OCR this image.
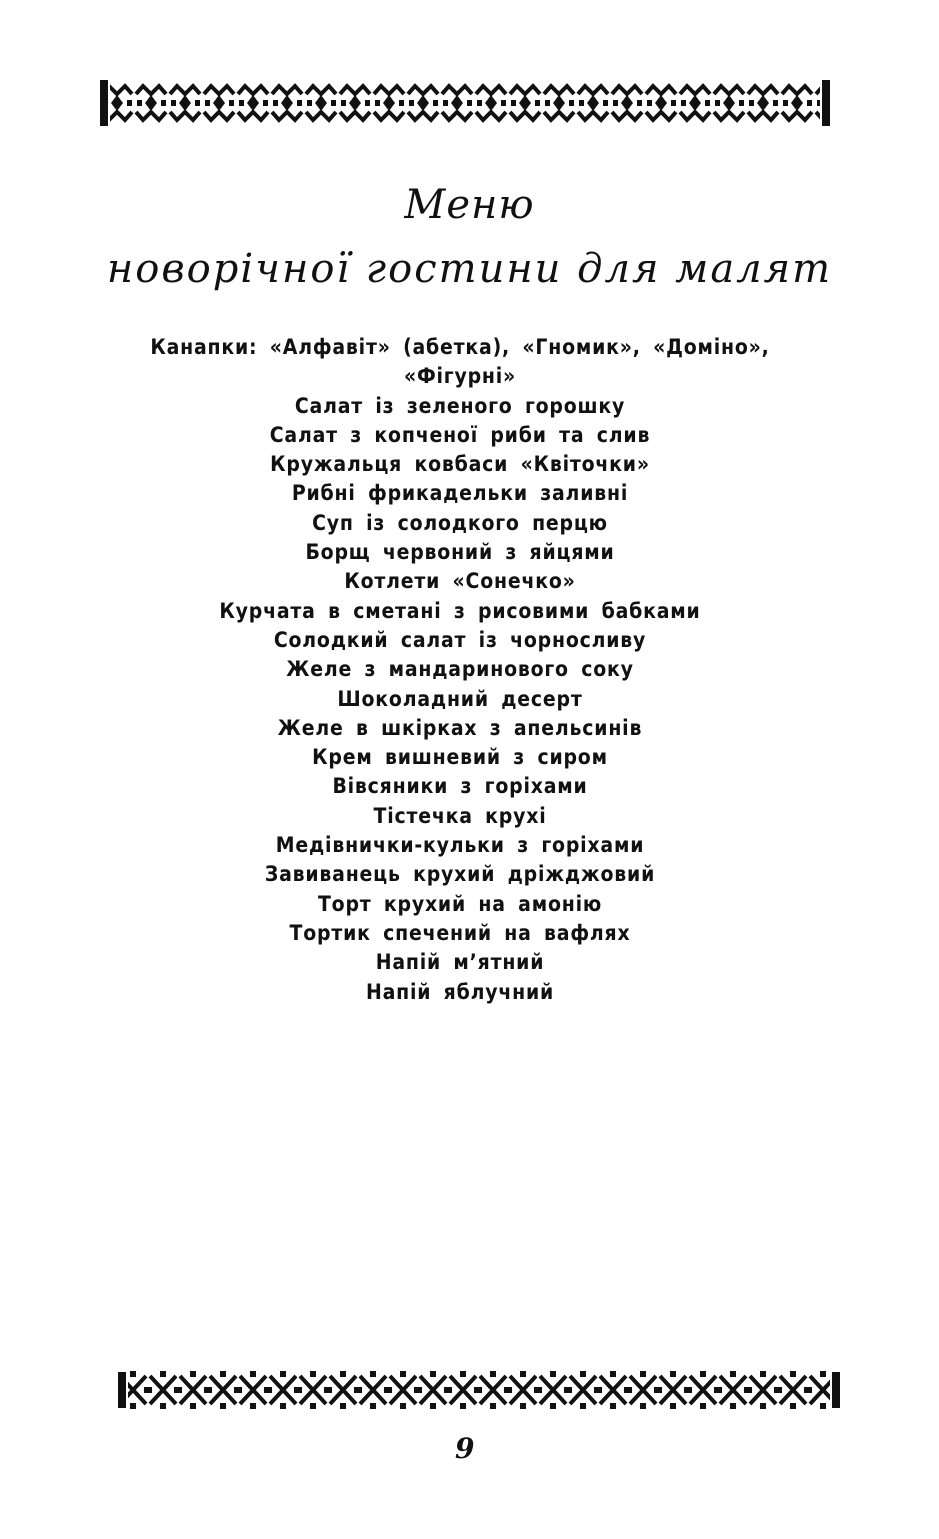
Меню
новорічної гостини для малят
Канапки: «Алфавіт» (абетка), «Гномик», «Доміно»,
«Фігурні»
Салат із зеленого горошку
Салат з копченої риби та слив
Кружальця ковбаси «Квіточки»
Рибні фрикадельки заливні
Суп із солодкого перцю
Борщ червоний з яйцями
Котлети «Сонечко»
Курчата в сметані з рисовими бабками
Солодкий салат із чорносливу
Желе з мандаринового соку
Шоколадний десерт
Желе в шкірках з апельсинів
Крем вишневий з сиром
Вівсяники з горіхами
Тістечка крухі
Медівнички-кульки з горіхами
Завиванець крухий дріжджовий
Торт крухий на амонію
Тортик спечений на вафлях
Напій м’ятний
Напій яблучний
9
